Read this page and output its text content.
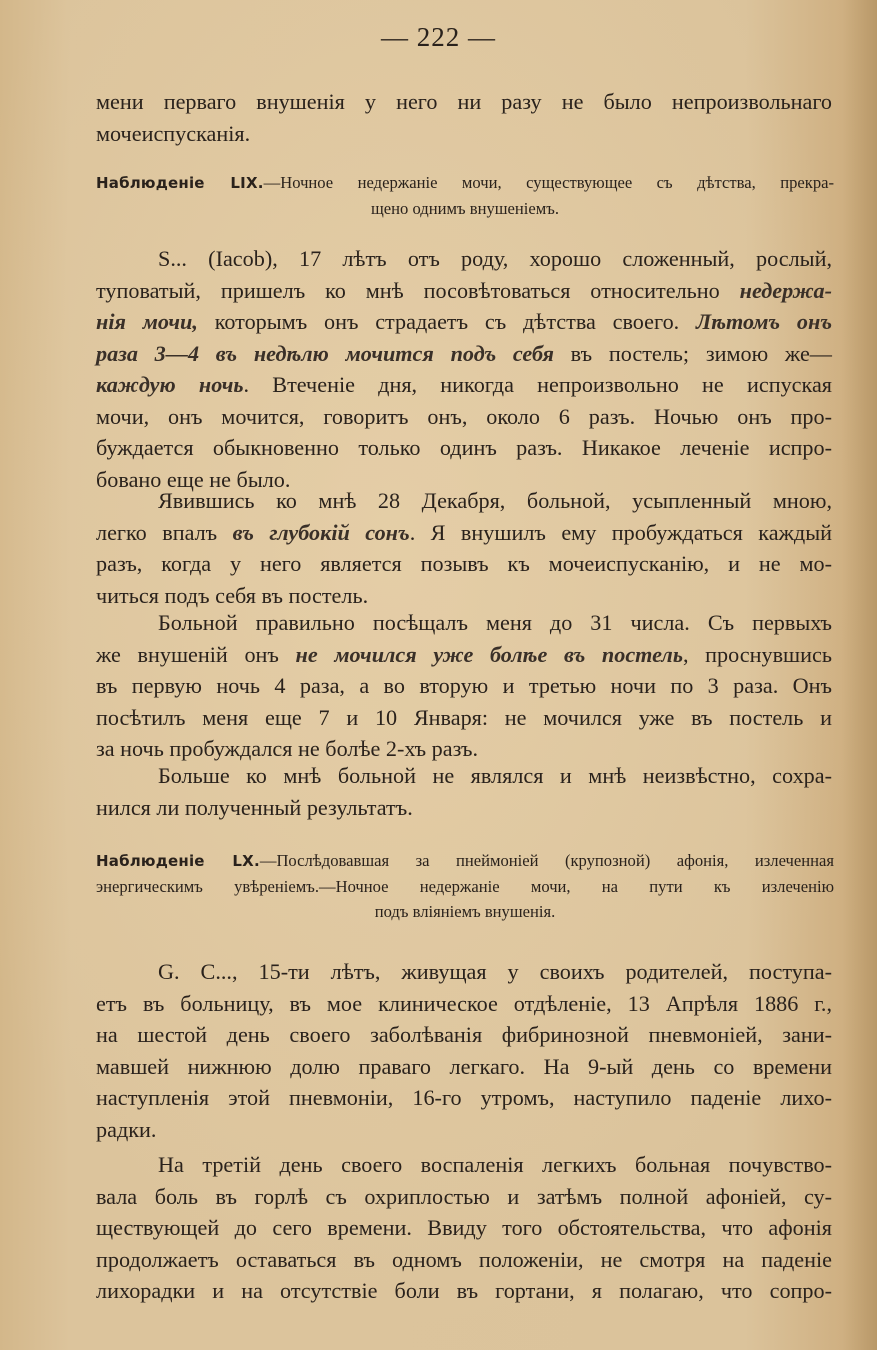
— 222 —
мени перваго внушенія у него ни разу не было непроизвольнаго
мочеиспусканія.
Наблюденіе LIX.—Ночное недержаніе мочи, существующее съ дѣтства, прекра-
щено однимъ внушеніемъ.
S... (Іасоb), 17 лѣтъ отъ роду, хорошо сложенный, рослый,
туповатый, пришелъ ко мнѣ посовѣтоваться относительно недержа-
нія мочи, которымъ онъ страдаетъ съ дѣтства своего. Лѣтомъ онъ
раза 3—4 въ недѣлю мочится подъ себя въ постель; зимою же—
каждую ночь. Втеченіе дня, никогда непроизвольно не испуская
мочи, онъ мочится, говоритъ онъ, около 6 разъ. Ночью онъ про-
буждается обыкновенно только одинъ разъ. Никакое леченіе испро-
бовано еще не было.
Явившись ко мнѣ 28 Декабря, больной, усыпленный мною,
легко впалъ въ глубокій сонъ. Я внушилъ ему пробуждаться каждый
разъ, когда у него является позывъ къ мочеиспусканію, и не мо-
читься подъ себя въ постель.
Больной правильно посѣщалъ меня до 31 числа. Съ первыхъ
же внушеній онъ не мочился уже болѣе въ постель, проснувшись
въ первую ночь 4 раза, а во вторую и третью ночи по 3 раза. Онъ
посѣтилъ меня еще 7 и 10 Января: не мочился уже въ постель и
за ночь пробуждался не болѣе 2-хъ разъ.
Больше ко мнѣ больной не являлся и мнѣ неизвѣстно, сохра-
нился ли полученный результатъ.
Наблюденіе LX.—Послѣдовавшая за пнеймоніей (крупозной) афонія, излеченная
энергическимъ увѣреніемъ.—Ночное недержаніе мочи, на пути къ излеченію
подъ вліяніемъ внушенія.
G. C..., 15-ти лѣтъ, живущая у своихъ родителей, поступа-
етъ въ больницу, въ мое клиническое отдѣленіе, 13 Апрѣля 1886 г.,
на шестой день своего заболѣванія фибринозной пневмоніей, зани-
мавшей нижнюю долю праваго легкаго. На 9-ый день со времени
наступленія этой пневмоніи, 16-го утромъ, наступило паденіе лихо-
радки.
На третій день своего воспаленія легкихъ больная почувство-
вала боль въ горлѣ съ охриплостью и затѣмъ полной афоніей, су-
ществующей до сего времени. Ввиду того обстоятельства, что афонія
продолжаетъ оставаться въ одномъ положеніи, не смотря на паденіе
лихорадки и на отсутствіе боли въ гортани, я полагаю, что сопро-
